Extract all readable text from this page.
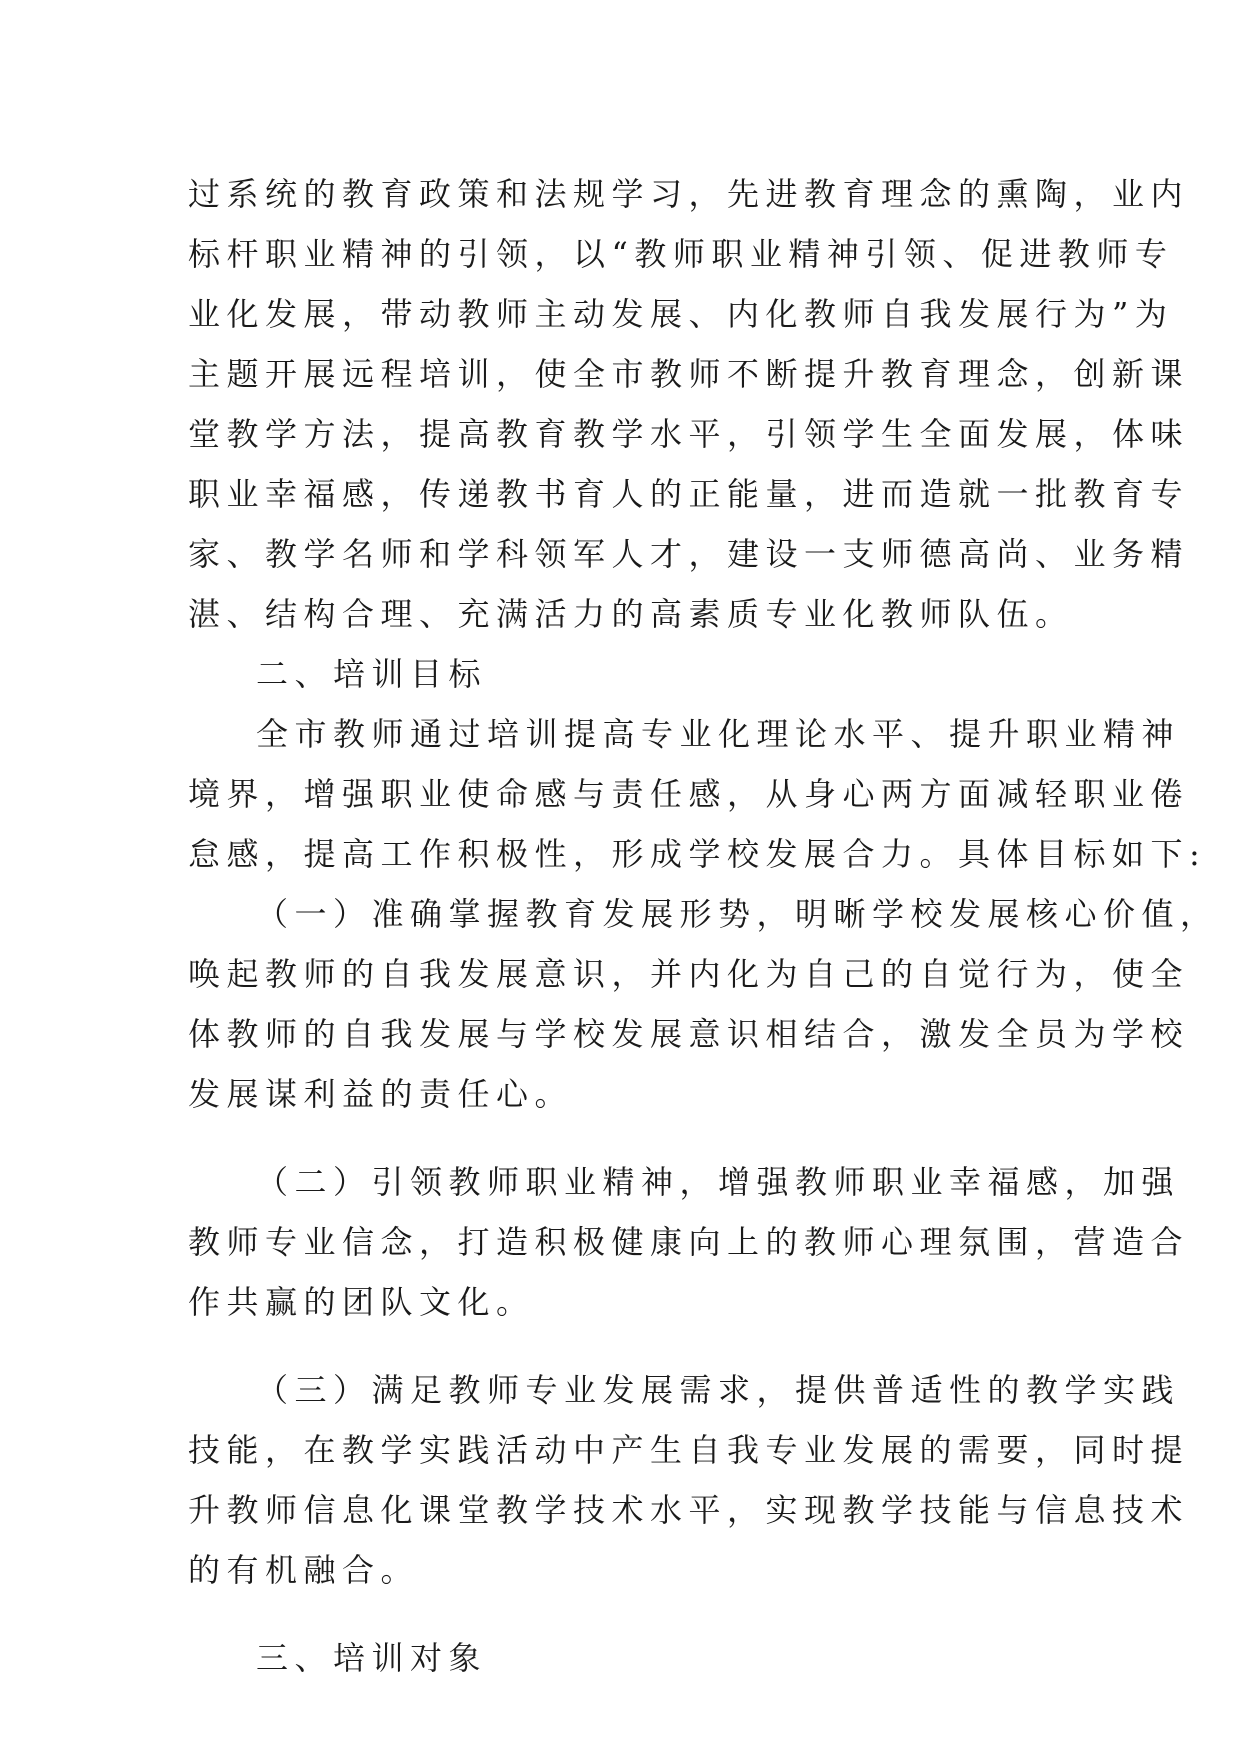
过系统的教育政策和法规学习，先进教育理念的熏陶，业内
标杆职业精神的引领，以“教师职业精神引领、促进教师专
业化发展，带动教师主动发展、内化教师自我发展行为”为
主题开展远程培训，使全市教师不断提升教育理念，创新课
堂教学方法，提高教育教学水平，引领学生全面发展，体味
职业幸福感，传递教书育人的正能量，进而造就一批教育专
家、教学名师和学科领军人才，建设一支师德高尚、业务精
湛、结构合理、充满活力的高素质专业化教师队伍。
二、培训目标
全市教师通过培训提高专业化理论水平、提升职业精神
境界，增强职业使命感与责任感，从身心两方面减轻职业倦
怠感，提高工作积极性，形成学校发展合力。具体目标如下:
（一）准确掌握教育发展形势，明晰学校发展核心价值，
唤起教师的自我发展意识，并内化为自己的自觉行为，使全
体教师的自我发展与学校发展意识相结合，激发全员为学校
发展谋利益的责任心。
（二）引领教师职业精神，增强教师职业幸福感，加强
教师专业信念，打造积极健康向上的教师心理氛围，营造合
作共赢的团队文化。
（三）满足教师专业发展需求，提供普适性的教学实践
技能，在教学实践活动中产生自我专业发展的需要，同时提
升教师信息化课堂教学技术水平，实现教学技能与信息技术
的有机融合。
三、培训对象
